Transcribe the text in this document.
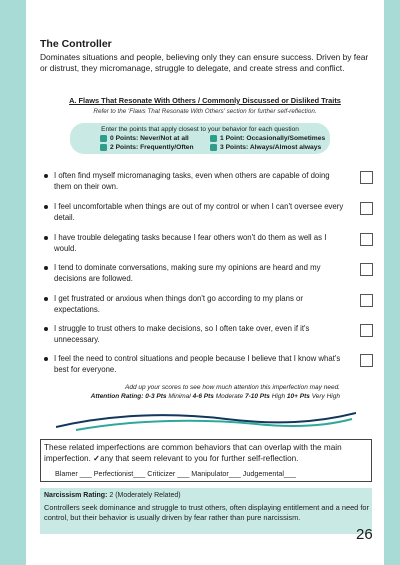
The Controller
Dominates situations and people, believing only they can ensure success. Driven by fear or distrust, they micromanage, struggle to delegate, and create stress and conflict.
A. Flaws That Resonate With Others / Commonly Discussed or Disliked Traits
Refer to the 'Flaws That Resonate With Others' section for further self-reflection.
Enter the points that apply closest to your behavior for each question
0 Points: Never/Not at all	1 Point: Occasionally/Sometimes
2 Points: Frequently/Often	3 Points: Always/Almost always
I often find myself micromanaging tasks, even when others are capable of doing them on their own.
I feel uncomfortable when things are out of my control or when I can't oversee every detail.
I have trouble delegating tasks because I fear others won't do them as well as I would.
I tend to dominate conversations, making sure my opinions are heard and my decisions are followed.
I get frustrated or anxious when things don't go according to my plans or expectations.
I struggle to trust others to make decisions, so I often take over, even if it's unnecessary.
I feel the need to control situations and people because I believe that I know what's best for everyone.
Add up your scores to see how much attention this imperfection may need.
Attention Rating: 0-3 Pts Minimal 4-6 Pts Moderate 7-10 Pts High 10+ Pts Very High
These related imperfections are common behaviors that can overlap with the main imperfection. ✓any that seem relevant to you for further self-reflection.
Blamer ___ Perfectionist___ Criticizer ___ Manipulator___ Judgemental___
Narcissism Rating: 2 (Moderately Related)
Controllers seek dominance and struggle to trust others, often displaying entitlement and a need for control, but their behavior is usually driven by fear rather than pure narcissism.
26
